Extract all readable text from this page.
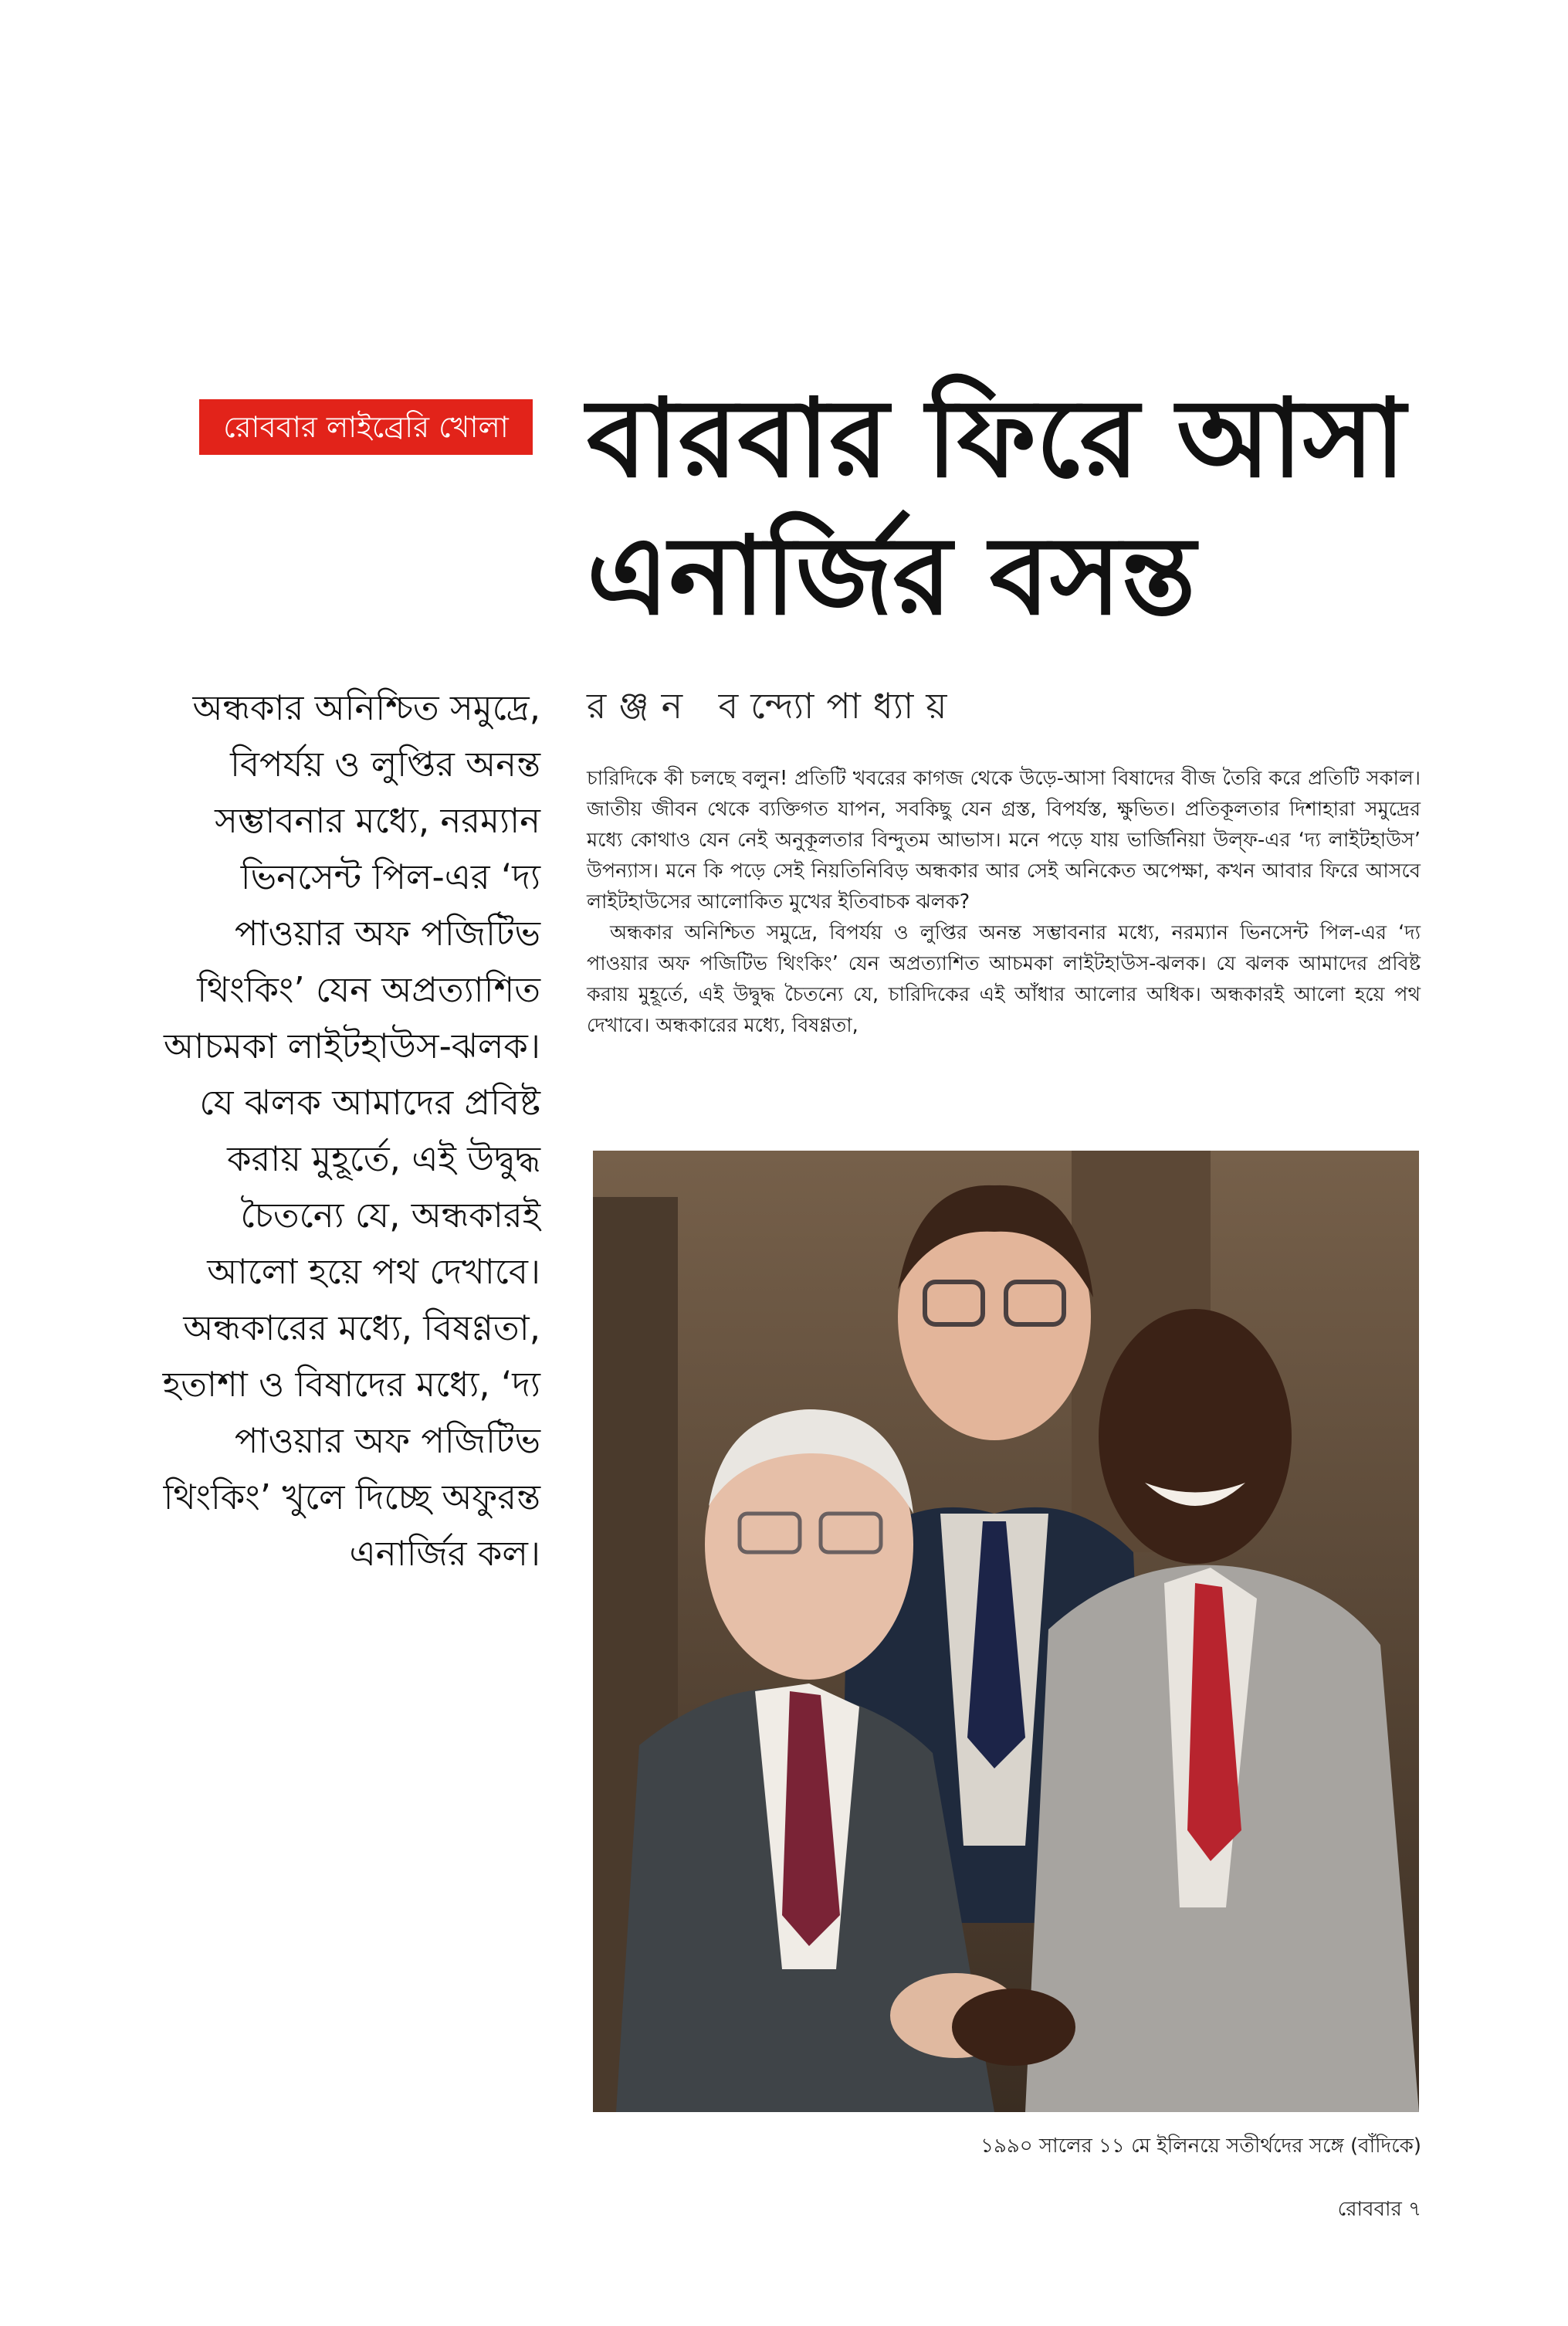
রোববার লাইব্রেরি খোলা বারবার ফিরে আসা
এনার্জির বসন্ত
রঞ্জন বন্দ্যোপাধ্যায়
অন্ধকার অনিশ্চিত সমুদ্রে, বিপর্যয় ও লুপ্তির অনন্ত সম্ভাবনার মধ্যে, নরম্যান ভিনসেন্ট পিল-এর ‘দ্য পাওয়ার অফ পজিটিভ থিংকিং’ যেন অপ্রত্যাশিত আচমকা লাইটহাউস-ঝলক। যে ঝলক আমাদের প্রবিষ্ট করায় মুহূর্তে, এই উদ্বুদ্ধ চৈতন্যে যে, অন্ধকারই আলো হয়ে পথ দেখাবে। অন্ধকারের মধ্যে, বিষণ্ণতা, হতাশা ও বিষাদের মধ্যে, ‘দ্য পাওয়ার অফ পজিটিভ থিংকিং’ খুলে দিচ্ছে অফুরন্ত এনার্জির কল।

চারিদিকে কী চলছে বলুন! প্রতিটি খবরের কাগজ থেকে উড়ে-আসা বিষাদের বীজ তৈরি করে প্রতিটি সকাল। জাতীয় জীবন থেকে ব্যক্তিগত যাপন, সবকিছু যেন গ্রস্ত, বিপর্যস্ত, ক্ষুভিত। প্রতিকূলতার দিশাহারা সমুদ্রের মধ্যে কোথাও যেন নেই অনুকূলতার বিন্দুতম আভাস। মনে পড়ে যায় ভার্জিনিয়া উল্‌ফ-এর ‘দ্য লাইটহাউস’ উপন্যাস। মনে কি পড়ে সেই নিয়তিনিবিড় অন্ধকার আর সেই অনিকেত অপেক্ষা, কখন আবার ফিরে আসবে লাইটহাউসের আলোকিত মুখের ইতিবাচক ঝলক?

অন্ধকার অনিশ্চিত সমুদ্রে, বিপর্যয় ও লুপ্তির অনন্ত সম্ভাবনার মধ্যে, নরম্যান ভিনসেন্ট পিল-এর ‘দ্য পাওয়ার অফ পজিটিভ থিংকিং’ যেন অপ্রত্যাশিত আচমকা লাইটহাউস-ঝলক। যে ঝলক আমাদের প্রবিষ্ট করায় মুহূর্তে, এই উদ্বুদ্ধ চৈতন্যে যে, চারিদিকের এই আঁধার আলোর অধিক। অন্ধকারই আলো হয়ে পথ দেখাবে। অন্ধকারের মধ্যে, বিষণ্ণতা,

১৯৯০ সালের ১১ মে ইলিনয়ে সতীর্থদের সঙ্গে (বাঁদিকে)
রোববার ৭
